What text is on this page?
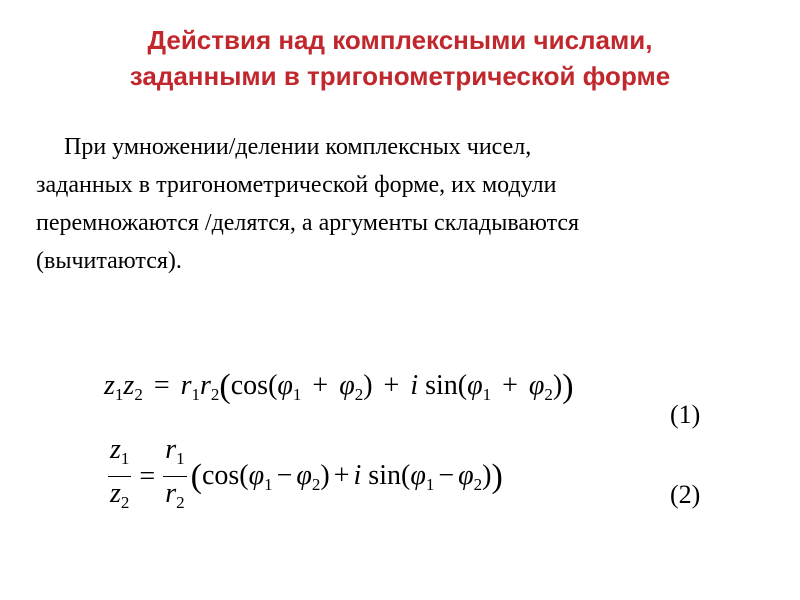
Действия над комплексными числами,
заданными в тригонометрической форме

При умножении/делении комплексных чисел,
заданных в тригонометрической форме, их модули
перемножаются /делятся, а аргументы складываются
(вычитаются).

$z_1z_2 = r_1r_2(\cos(\varphi_1 + \varphi_2) + i$ $\sin(\varphi_1 + \varphi_2)$)
$\frac{z_1}{z_2} = \frac{r_1}{r_2} (\cos(\varphi_1 - \varphi_2) + i$ $\sin(\varphi_1 - \varphi_2)$)
(1)
(2)
